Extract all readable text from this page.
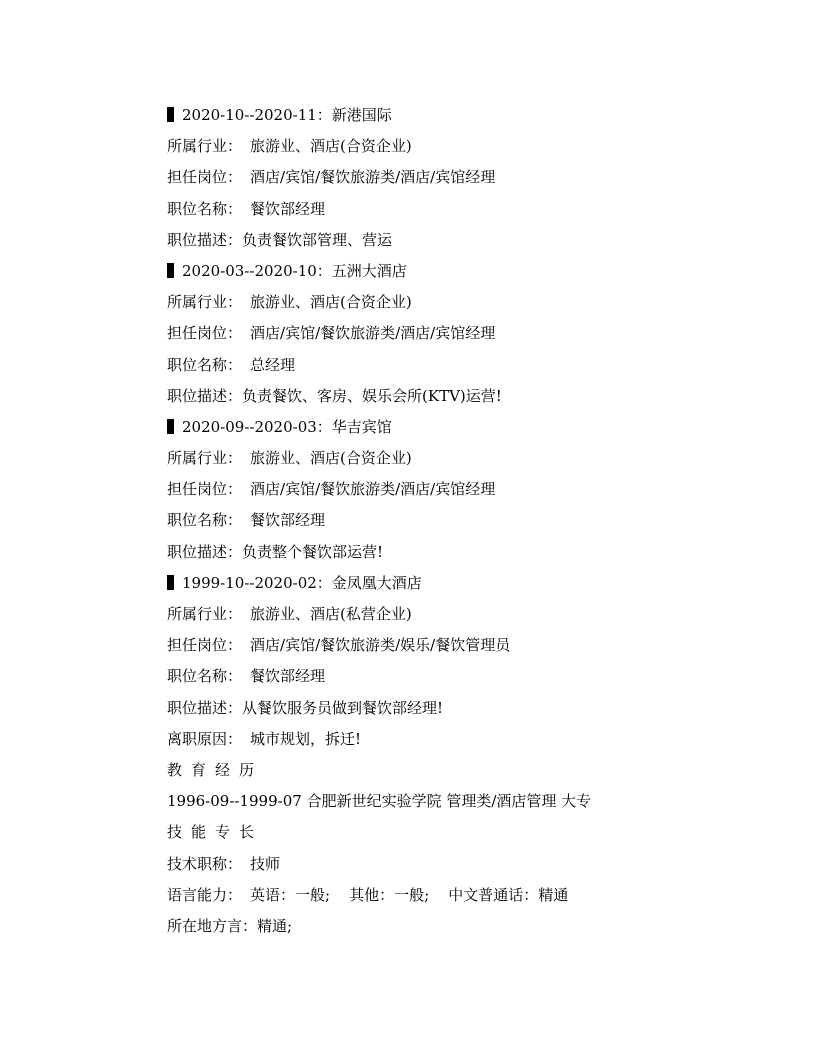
2020-10--2020-11：新港国际
所属行业： 旅游业、酒店(合资企业)
担任岗位： 酒店/宾馆/餐饮旅游类/酒店/宾馆经理
职位名称： 餐饮部经理
职位描述：负责餐饮部管理、营运
2020-03--2020-10：五洲大酒店
所属行业： 旅游业、酒店(合资企业)
担任岗位： 酒店/宾馆/餐饮旅游类/酒店/宾馆经理
职位名称： 总经理
职位描述：负责餐饮、客房、娱乐会所(KTV)运营!
2020-09--2020-03：华吉宾馆
所属行业： 旅游业、酒店(合资企业)
担任岗位： 酒店/宾馆/餐饮旅游类/酒店/宾馆经理
职位名称： 餐饮部经理
职位描述：负责整个餐饮部运营!
1999-10--2020-02：金凤凰大酒店
所属行业： 旅游业、酒店(私营企业)
担任岗位： 酒店/宾馆/餐饮旅游类/娱乐/餐饮管理员
职位名称： 餐饮部经理
职位描述：从餐饮服务员做到餐饮部经理!
离职原因： 城市规划，拆迁!
教育经历
1996-09--1999-07 合肥新世纪实验学院 管理类/酒店管理 大专
技能专长
技术职称： 技师
语言能力： 英语：一般;    其他：一般;    中文普通话：精通
所在地方言：精通;
